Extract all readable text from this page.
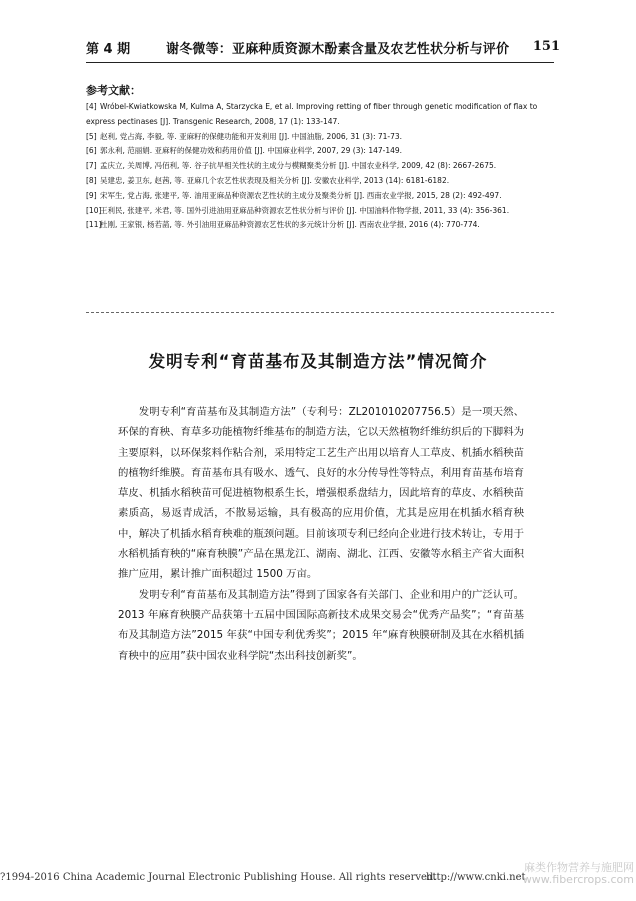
第 4 期	谢冬微等：亚麻种质资源木酚素含量及农艺性状分析与评价 151
参考文献：

[4] Wróbel-Kwiatkowska M, Kulma A, Starzycka E, et al. Improving retting of fiber through genetic modification of flax to express pectinases [J]. Transgenic Research, 2008, 17 (1): 133-147.

[5] 赵利, 党占海, 李毅, 等. 亚麻籽的保健功能和开发利用 [J]. 中国油脂, 2006, 31 (3): 71-73.

[6] 郭永利, 范丽娟. 亚麻籽的保健功效和药用价值 [J]. 中国麻业科学, 2007, 29 (3): 147-149.

[7] 孟庆立, 关周博, 冯佰利, 等. 谷子抗旱相关性状的主成分与模糊聚类分析 [J]. 中国农业科学, 2009, 42 (8): 2667-2675.

[8] 吴建忠, 姜卫东, 赵茜, 等. 亚麻几个农艺性状表现及相关分析 [J]. 安徽农业科学, 2013 (14): 6181-6182.

[9] 宋军生, 党占海, 张建平, 等. 油用亚麻品种资源农艺性状的主成分及聚类分析 [J]. 西南农业学报, 2015, 28 (2): 492-497.

[10]王利民, 张建平, 米君, 等. 国外引进油用亚麻品种资源农艺性状分析与评价 [J]. 中国油料作物学报, 2011, 33 (4): 356-361.

[11]杜刚, 王家银, 杨若菡, 等. 外引油用亚麻品种资源农艺性状的多元统计分析 [J]. 西南农业学报, 2016 (4): 770-774.

发明专利“育苗基布及其制造方法”情况简介

发明专利“育苗基布及其制造方法”（专利号：ZL201010207756.5）是一项天然、环保的育秧、育草多功能植物纤维基布的制造方法，它以天然植物纤维纺织后的下脚料为主要原料，以环保浆料作粘合剂，采用特定工艺生产出用以培育人工草皮、机插水稻秧苗的植物纤维膜。育苗基布具有吸水、透气、良好的水分传导性等特点，利用育苗基布培育草皮、机插水稻秧苗可促进植物根系生长，增强根系盘结力，因此培育的草皮、水稻秧苗素质高，易返青成活，不散易运输，具有极高的应用价值，尤其是应用在机插水稻育秧中，解决了机插水稻育秧难的瓶颈问题。目前该项专利已经向企业进行技术转让，专用于水稻机插育秧的“麻育秧膜”产品在黑龙江、湖南、湖北、江西、安徽等水稻主产省大面积推广应用，累计推广面积超过 1500 万亩。

发明专利“育苗基布及其制造方法”得到了国家各有关部门、企业和用户的广泛认可。2013 年麻育秧膜产品获第十五届中国国际高新技术成果交易会“优秀产品奖”；“育苗基布及其制造方法”2015 年获“中国专利优秀奖”；2015 年“麻育秧膜研制及其在水稻机插育秧中的应用”获中国农业科学院“杰出科技创新奖”。

?1994-2016 China Academic Journal Electronic Publishing House. All rights reserved.
http://www.cnki.net
麻类作物营养与施肥网
www.fibercrops.com
